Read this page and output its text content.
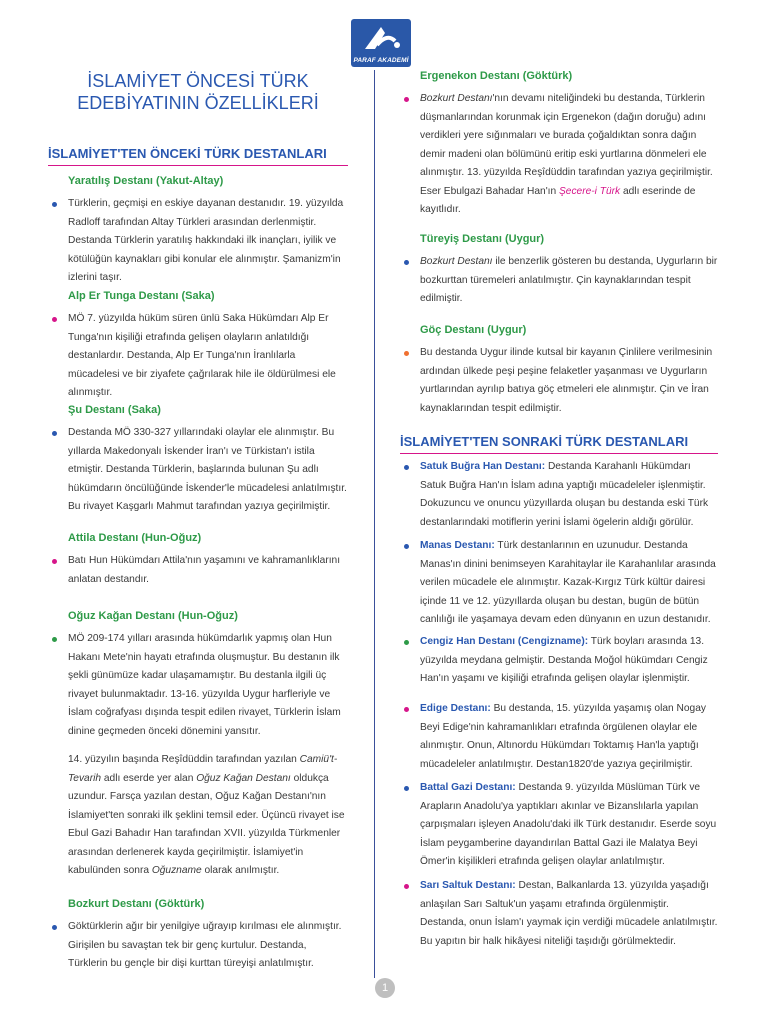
PARAF AKADEMİ
İSLAMİYET ÖNCESİ TÜRK EDEBİYATININ ÖZELLİKLERİ
İSLAMİYET'TEN ÖNCEKİ TÜRK DESTANLARI
Yaratılış Destanı (Yakut-Altay)
Türklerin, geçmişi en eskiye dayanan destanıdır. 19. yüzyılda Radloff tarafından Altay Türkleri arasından derlenmiştir. Destanda Türklerin yaratılış hakkındaki ilk inançları, iyilik ve kötülüğün kaynakları gibi konular ele alınmıştır. Şamanizm'in izlerini taşır.
Alp Er Tunga Destanı (Saka)
MÖ 7. yüzyılda hüküm süren ünlü Saka Hükümdarı Alp Er Tunga'nın kişiliği etrafında gelişen olayların anlatıldığı destanlardır. Destanda, Alp Er Tunga'nın İranlılarla mücadelesi ve bir ziyafete çağrılarak hile ile öldürülmesi ele alınmıştır.
Şu Destanı (Saka)
Destanda MÖ 330-327 yıllarındaki olaylar ele alınmıştır. Bu yıllarda Makedonyalı İskender İran'ı ve Türkistan'ı istila etmiştir. Destanda Türklerin, başlarında bulunan Şu adlı hükümdarın öncülüğünde İskender'le mücadelesi anlatılmıştır. Bu rivayet Kaşgarlı Mahmut tarafından yazıya geçirilmiştir.
Attila Destanı (Hun-Oğuz)
Batı Hun Hükümdarı Attila'nın yaşamını ve kahramanlıklarını anlatan destandır.
Oğuz Kağan Destanı (Hun-Oğuz)
MÖ 209-174 yılları arasında hükümdarlık yapmış olan Hun Hakanı Mete'nin hayatı etrafında oluşmuştur. Bu destanın ilk şekli günümüze kadar ulaşamamıştır. Bu destanla ilgili üç rivayet bulunmaktadır. 13-16. yüzyılda Uygur harfleriyle ve İslam coğrafyası dışında tespit edilen rivayet, Türklerin İslam dinine geçmeden önceki dönemini yansıtır.
14. yüzyılın başında Reşîdüddin tarafından yazılan Camiü't-Tevarih adlı eserde yer alan Oğuz Kağan Destanı oldukça uzundur. Farsça yazılan destan, Oğuz Kağan Destanı'nın İslamiyet'ten sonraki ilk şeklini temsil eder. Üçüncü rivayet ise Ebul Gazi Bahadır Han tarafından XVII. yüzyılda Türkmenler arasından derlenerek kayda geçirilmiştir. İslamiyet'in kabulünden sonra Oğuzname olarak anılmıştır.
Bozkurt Destanı (Göktürk)
Göktürklerin ağır bir yenilgiye uğrayıp kırılması ele alınmıştır. Girişilen bu savaştan tek bir genç kurtulur. Destanda, Türklerin bu gençle bir dişi kurttan türeyişi anlatılmıştır.
Ergenekon Destanı (Göktürk)
Bozkurt Destanı'nın devamı niteliğindeki bu destanda, Türklerin düşmanlarından korunmak için Ergenekon (dağın doruğu) adını verdikleri yere sığınmaları ve burada çoğaldıktan sonra dağın demir madeni olan bölümünü eritip eski yurtlarına dönmeleri ele alınmıştır. 13. yüzyılda Reşîdüddin tarafından yazıya geçirilmiştir. Eser Ebulgazi Bahadar Han'ın Şecere-i Türk adlı eserinde de kayıtlıdır.
Türeyiş Destanı (Uygur)
Bozkurt Destanı ile benzerlik gösteren bu destanda, Uygurların bir bozkurttan türemeleri anlatılmıştır. Çin kaynaklarından tespit edilmiştir.
Göç Destanı (Uygur)
Bu destanda Uygur ilinde kutsal bir kayanın Çinlilere verilmesinin ardından ülkede peşi peşine felaketler yaşanması ve Uygurların yurtlarından ayrılıp batıya göç etmeleri ele alınmıştır. Çin ve İran kaynaklarından tespit edilmiştir.
İSLAMİYET'TEN SONRAKİ TÜRK DESTANLARI
Satuk Buğra Han Destanı: Destanda Karahanlı Hükümdarı Satuk Buğra Han'ın İslam adına yaptığı mücadeleler işlenmiştir. Dokuzuncu ve onuncu yüzyıllarda oluşan bu destanda eski Türk destanlarındaki motiflerin yerini İslami ögelerin aldığı görülür.
Manas Destanı: Türk destanlarının en uzunudur. Destanda Manas'ın dinini benimseyen Karahitaylar ile Karahanlılar arasında verilen mücadele ele alınmıştır. Kazak-Kırgız Türk kültür dairesi içinde 11 ve 12. yüzyıllarda oluşan bu destan, bugün de bütün canlılığı ile yaşamaya devam eden dünyanın en uzun destanıdır.
Cengiz Han Destanı (Cengizname): Türk boyları arasında 13. yüzyılda meydana gelmiştir. Destanda Moğol hükümdarı Cengiz Han'ın yaşamı ve kişiliği etrafında gelişen olaylar işlenmiştir.
Edige Destanı: Bu destanda, 15. yüzyılda yaşamış olan Nogay Beyi Edige'nin kahramanlıkları etrafında örgülenen olaylar ele alınmıştır. Onun, Altınordu Hükümdarı Toktamış Han'la yaptığı mücadeleler anlatılmıştır. Destan1820'de yazıya geçirilmiştir.
Battal Gazi Destanı: Destanda 9. yüzyılda Müslüman Türk ve Arapların Anadolu'ya yaptıkları akınlar ve Bizanslılarla yapılan çarpışmaları işleyen Anadolu'daki ilk Türk destanıdır. Eserde soyu İslam peygamberine dayandırılan Battal Gazi ile Malatya Beyi Ömer'in kişilikleri etrafında gelişen olaylar anlatılmıştır.
Sarı Saltuk Destanı: Destan, Balkanlarda 13. yüzyılda yaşadığı anlaşılan Sarı Saltuk'un yaşamı etrafında örgülenmiştir. Destanda, onun İslam'ı yaymak için verdiği mücadele anlatılmıştır. Bu yapıtın bir halk hikâyesi niteliği taşıdığı görülmektedir.
1
